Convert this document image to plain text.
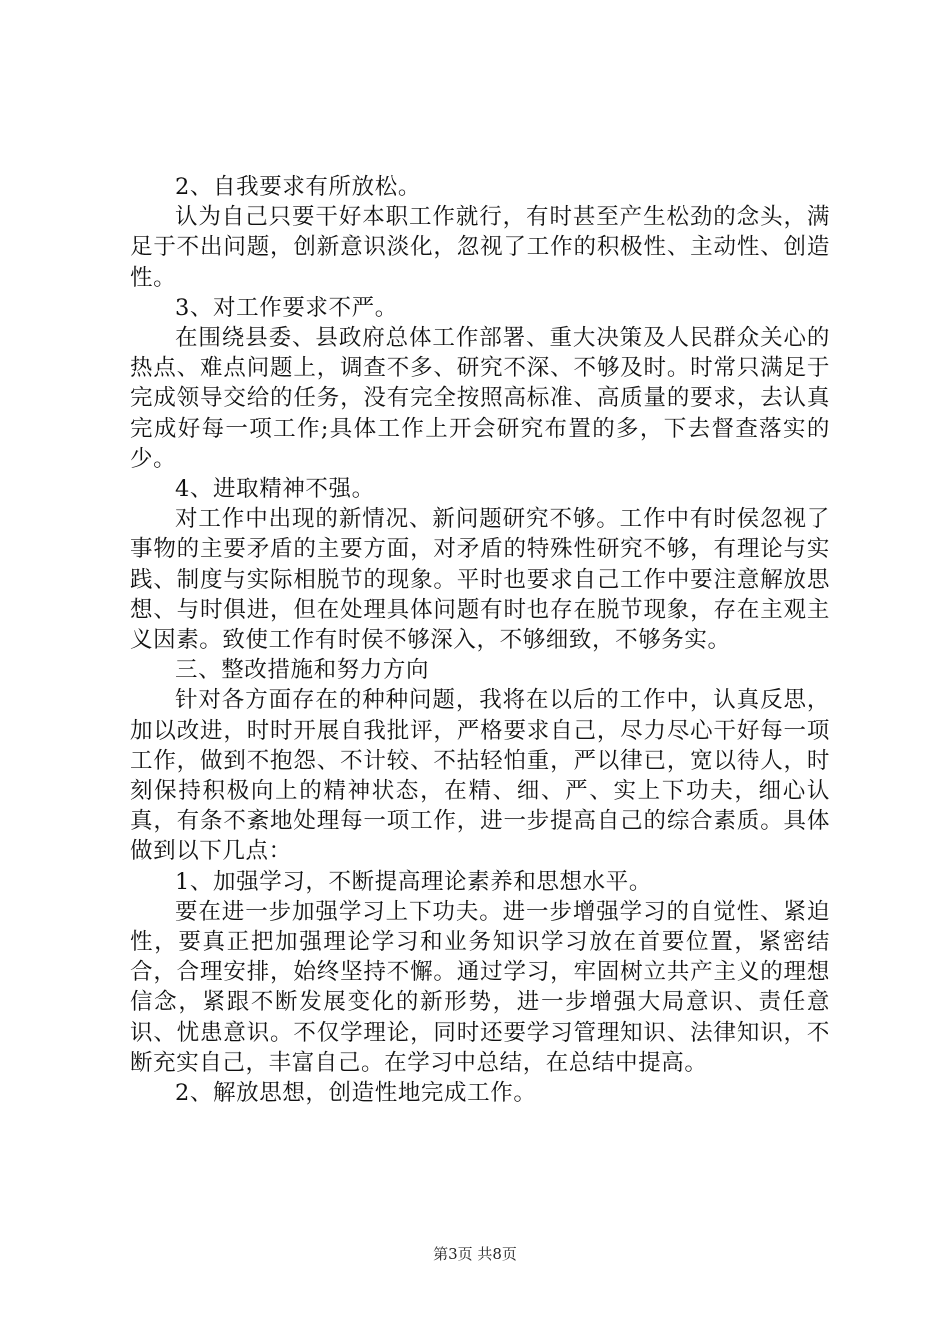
2、自我要求有所放松。

认为自己只要干好本职工作就行，有时甚至产生松劲的念头，满足于不出问题，创新意识淡化，忽视了工作的积极性、主动性、创造性。

3、对工作要求不严。

在围绕县委、县政府总体工作部署、重大决策及人民群众关心的热点、难点问题上，调查不多、研究不深、不够及时。时常只满足于完成领导交给的任务，没有完全按照高标准、高质量的要求，去认真完成好每一项工作;具体工作上开会研究布置的多，下去督查落实的少。

4、进取精神不强。

对工作中出现的新情况、新问题研究不够。工作中有时侯忽视了事物的主要矛盾的主要方面，对矛盾的特殊性研究不够，有理论与实践、制度与实际相脱节的现象。平时也要求自己工作中要注意解放思想、与时俱进，但在处理具体问题有时也存在脱节现象，存在主观主义因素。致使工作有时侯不够深入，不够细致，不够务实。

三、整改措施和努力方向

针对各方面存在的种种问题，我将在以后的工作中，认真反思，加以改进，时时开展自我批评，严格要求自己，尽力尽心干好每一项工作，做到不抱怨、不计较、不拈轻怕重，严以律已，宽以待人，时刻保持积极向上的精神状态，在精、细、严、实上下功夫，细心认真，有条不紊地处理每一项工作，进一步提高自己的综合素质。具体做到以下几点：

1、加强学习，不断提高理论素养和思想水平。

要在进一步加强学习上下功夫。进一步增强学习的自觉性、紧迫性，要真正把加强理论学习和业务知识学习放在首要位置，紧密结合，合理安排，始终坚持不懈。通过学习，牢固树立共产主义的理想信念，紧跟不断发展变化的新形势，进一步增强大局意识、责任意识、忧患意识。不仅学理论，同时还要学习管理知识、法律知识，不断充实自己，丰富自己。在学习中总结，在总结中提高。

2、解放思想，创造性地完成工作。

第3页 共8页
